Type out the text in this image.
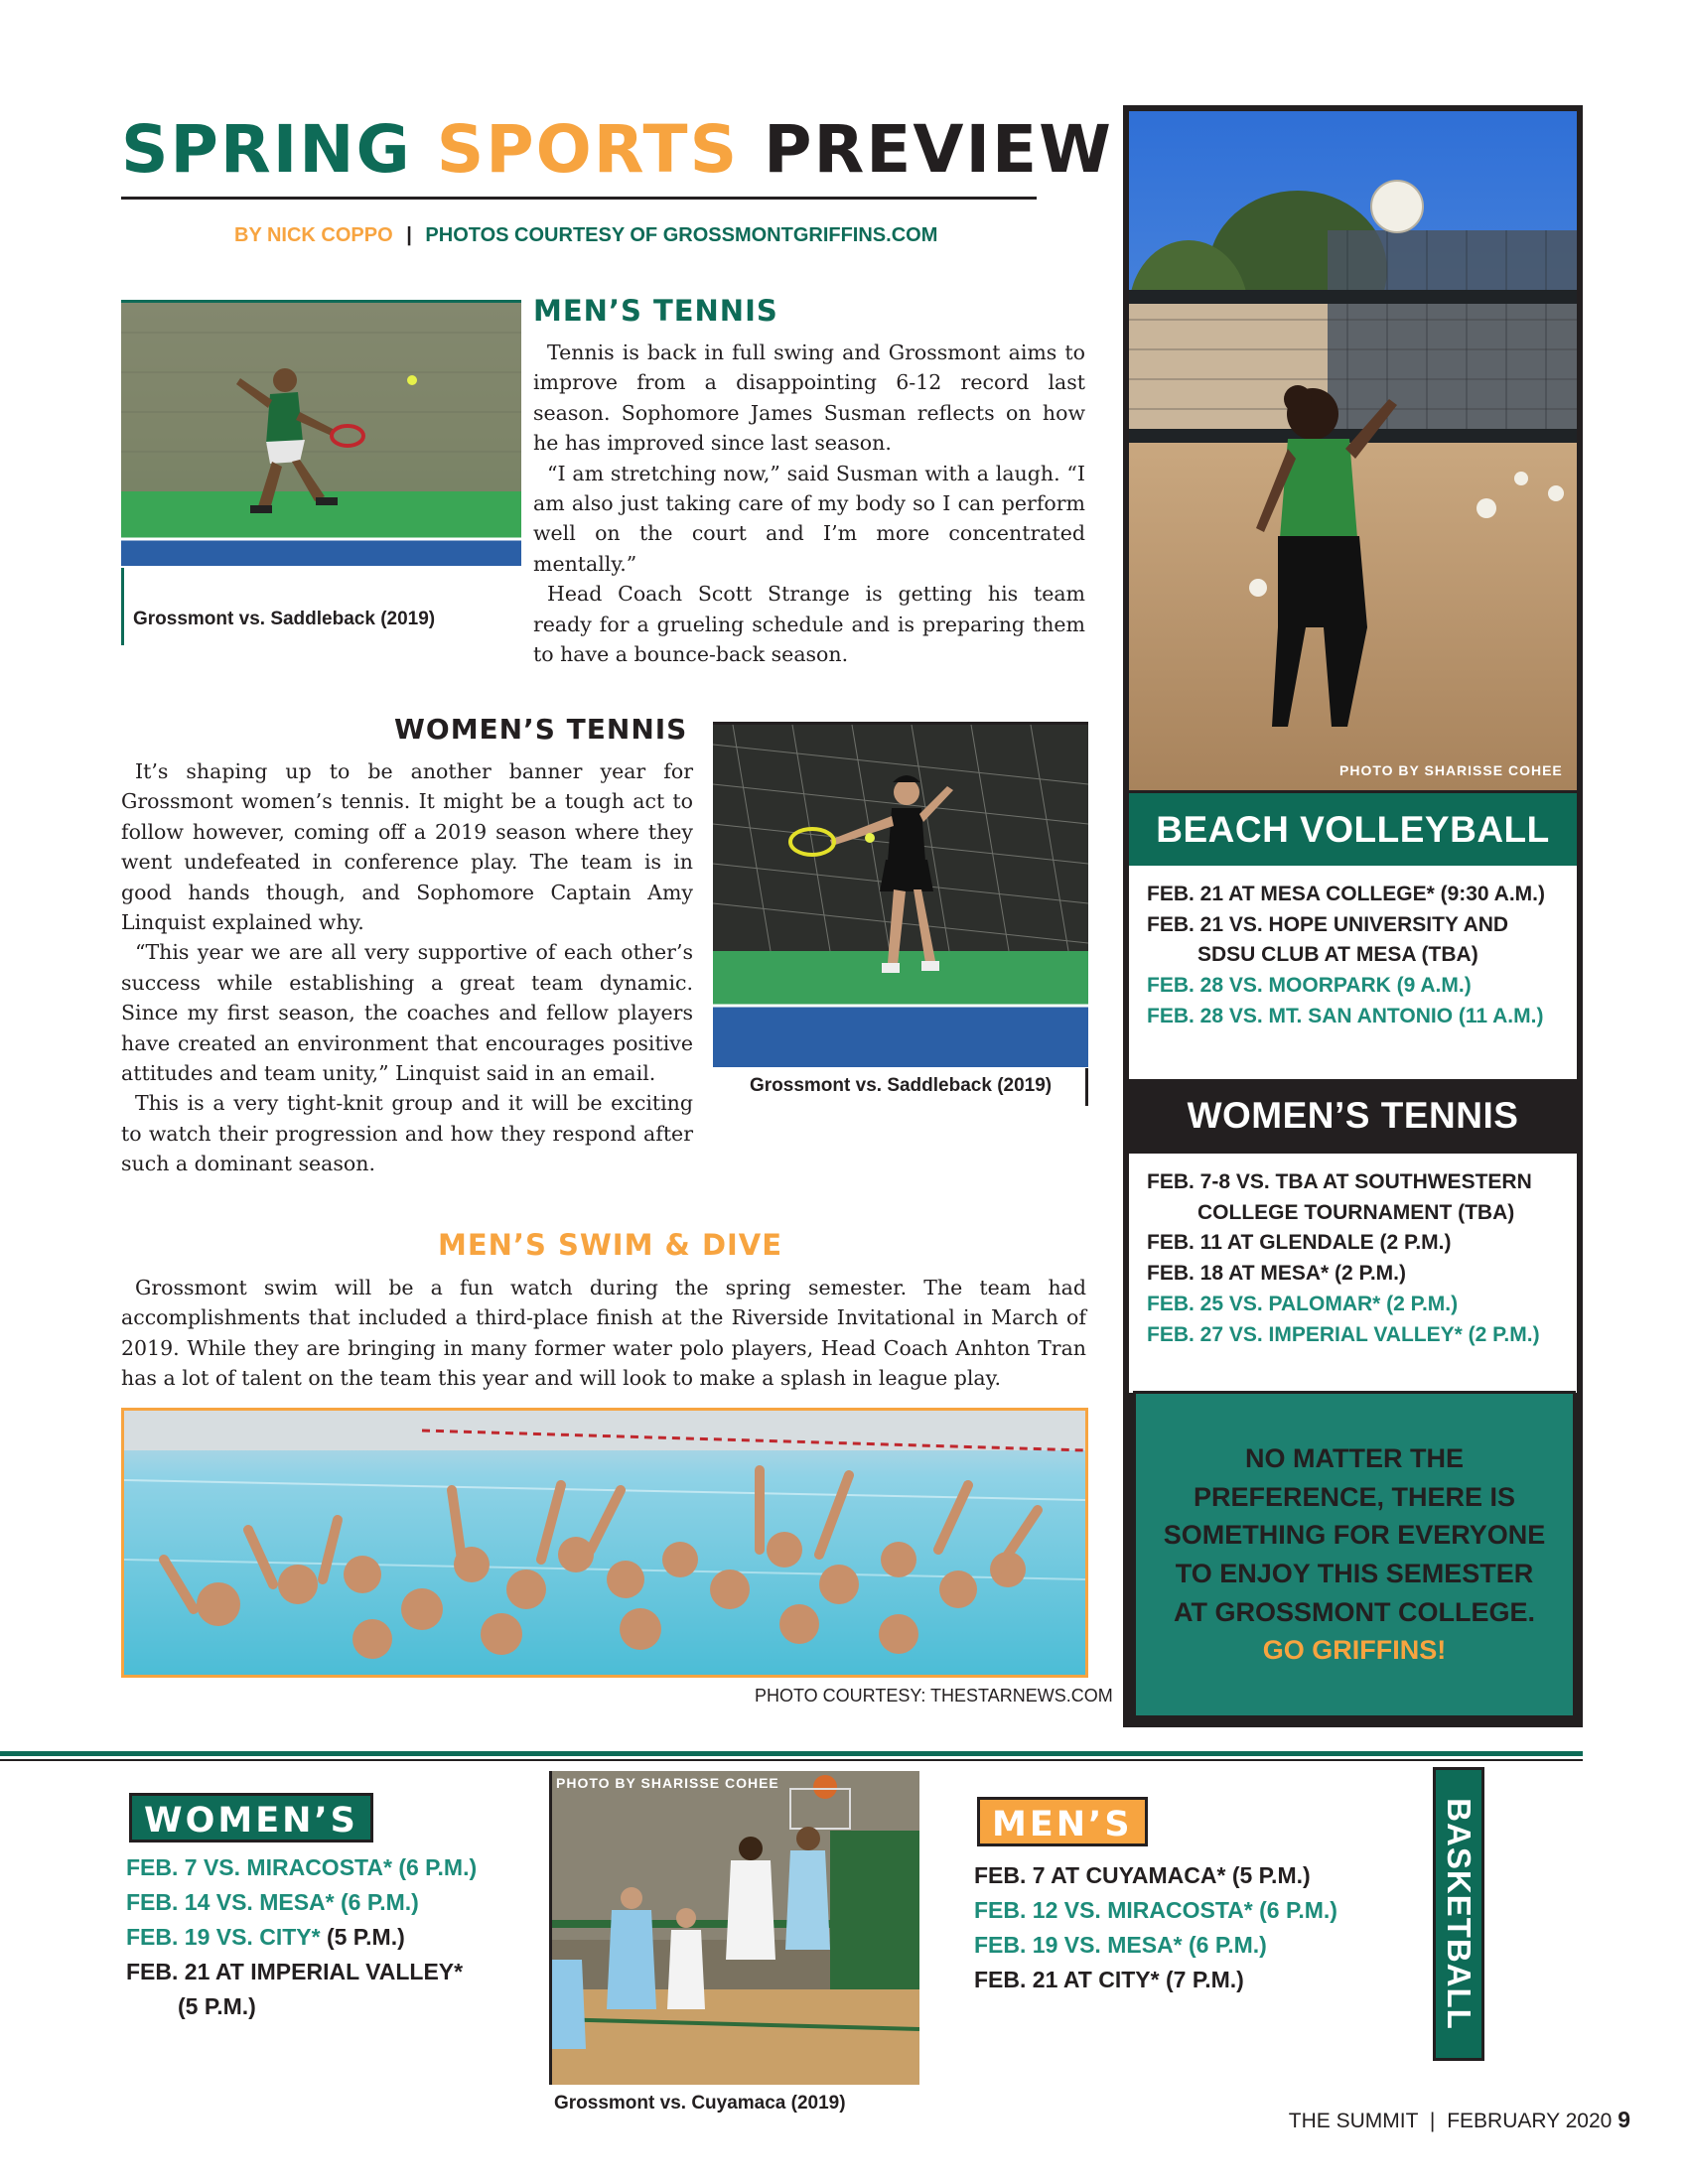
SPRING SPORTS PREVIEW
BY NICK COPPO | PHOTOS COURTESY OF GROSSMONTGRIFFINS.COM
Grossmont vs. Saddleback (2019)
MEN’S TENNIS

Tennis is back in full swing and Grossmont aims to improve from a disappointing 6-12 record last season. Sophomore James Susman reflects on how he has improved since last season.

“I am stretching now,” said Susman with a laugh. “I am also just taking care of my body so I can perform well on the court and I’m more concentrated mentally.”

Head Coach Scott Strange is getting his team ready for a grueling schedule and is preparing them to have a bounce-back season.

WOMEN’S TENNIS

It’s shaping up to be another banner year for Grossmont women’s tennis. It might be a tough act to follow however, coming off a 2019 season where they went undefeated in conference play. The team is in good hands though, and Sophomore Captain Amy Linquist explained why.

“This year we are all very supportive of each other’s success while establishing a great team dynamic. Since my first season, the coaches and fellow players have created an environment that encourages positive attitudes and team unity,” Linquist said in an email.

This is a very tight-knit group and it will be exciting to watch their progression and how they respond after such a dominant season.

Grossmont vs. Saddleback (2019)
MEN’S SWIM & DIVE

Grossmont swim will be a fun watch during the spring semester. The team had accomplishments that included a third-place finish at the Riverside Invitational in March of 2019. While they are bringing in many former water polo players, Head Coach Anhton Tran has a lot of talent on the team this year and will look to make a splash in league play.

PHOTO COURTESY: THESTARNEWS.COM
PHOTO BY SHARISSE COHEE
BEACH VOLLEYBALL
FEB. 21 AT MESA COLLEGE* (9:30 A.M.)
FEB. 21 VS. HOPE UNIVERSITY AND
SDSU CLUB AT MESA (TBA)
FEB. 28 VS. MOORPARK (9 A.M.)
FEB. 28 VS. MT. SAN ANTONIO (11 A.M.)
WOMEN’S TENNIS
FEB. 7-8 VS. TBA AT SOUTHWESTERN
COLLEGE TOURNAMENT (TBA)
FEB. 11 AT GLENDALE (2 P.M.)
FEB. 18 AT MESA* (2 P.M.)
FEB. 25 VS. PALOMAR* (2 P.M.)
FEB. 27 VS. IMPERIAL VALLEY* (2 P.M.)
NO MATTER THE
PREFERENCE, THERE IS
SOMETHING FOR EVERYONE
TO ENJOY THIS SEMESTER
AT GROSSMONT COLLEGE.
GO GRIFFINS!
WOMEN’S
FEB. 7 VS. MIRACOSTA* (6 P.M.)
FEB. 14 VS. MESA* (6 P.M.)
FEB. 19 VS. CITY* (5 P.M.)
FEB. 21 AT IMPERIAL VALLEY*
(5 P.M.)
PHOTO BY SHARISSE COHEE
Grossmont vs. Cuyamaca (2019)
MEN’S
FEB. 7 AT CUYAMACA* (5 P.M.)
FEB. 12 VS. MIRACOSTA* (6 P.M.)
FEB. 19 VS. MESA* (6 P.M.)
FEB. 21 AT CITY* (7 P.M.)	BASKETBALL
THE SUMMIT | FEBRUARY 2020 9
